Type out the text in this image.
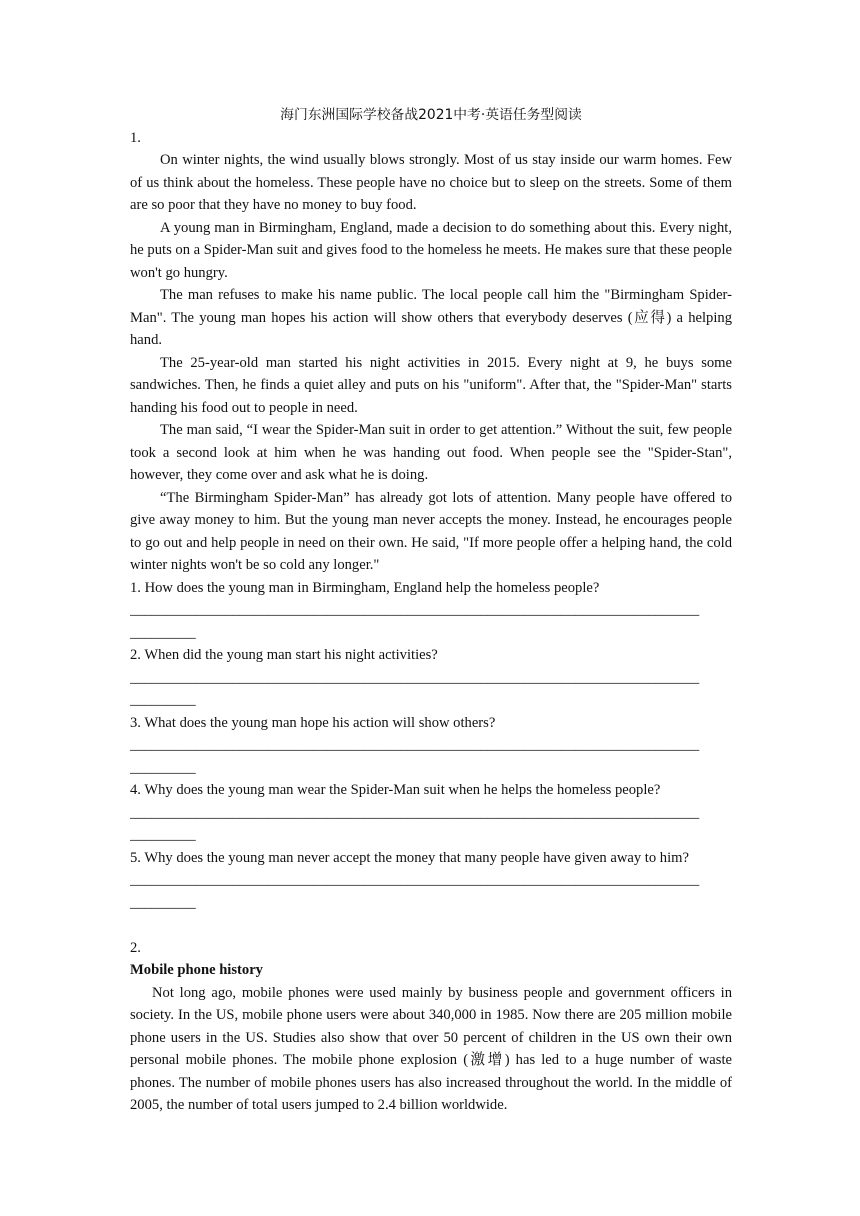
海门东洲国际学校备战2021中考·英语任务型阅读

1.

On winter nights, the wind usually blows strongly. Most of us stay inside our warm homes. Few of us think about the homeless. These people have no choice but to sleep on the streets. Some of them are so poor that they have no money to buy food.

A young man in Birmingham, England, made a decision to do something about this. Every night, he puts on a Spider-Man suit and gives food to the homeless he meets. He makes sure that these people won't go hungry.

The man refuses to make his name public. The local people call him the "Birmingham Spider-Man". The young man hopes his action will show others that everybody deserves (应得) a helping hand.

The 25-year-old man started his night activities in 2015. Every night at 9, he buys some sandwiches. Then, he finds a quiet alley and puts on his "uniform". After that, the "Spider-Man" starts handing his food out to people in need.

The man said, “I wear the Spider-Man suit in order to get attention.” Without the suit, few people took a second look at him when he was handing out food. When people see the "Spider-Stan", however, they come over and ask what he is doing.

“The Birmingham Spider-Man” has already got lots of attention. Many people have offered to give away money to him. But the young man never accepts the money. Instead, he encourages people to go out and help people in need on their own. He said, "If more people offer a helping hand, the cold winter nights won't be so cold any longer."

1. How does the young man in Birmingham, England help the homeless people?

______________________________________________________________________________

_________

2. When did the young man start his night activities?

______________________________________________________________________________

_________

3. What does the young man hope his action will show others?

______________________________________________________________________________

_________

4. Why does the young man wear the Spider-Man suit when he helps the homeless people?

______________________________________________________________________________

_________

5. Why does the young man never accept the money that many people have given away to him?

______________________________________________________________________________

_________

2.

Mobile phone history

Not long ago, mobile phones were used mainly by business people and government officers in society. In the US, mobile phone users were about 340,000 in 1985. Now there are 205 million mobile phone users in the US. Studies also show that over 50 percent of children in the US own their own personal mobile phones. The mobile phone explosion (激增) has led to a huge number of waste phones. The number of mobile phones users has also increased throughout the world. In the middle of 2005, the number of total users jumped to 2.4 billion worldwide.
